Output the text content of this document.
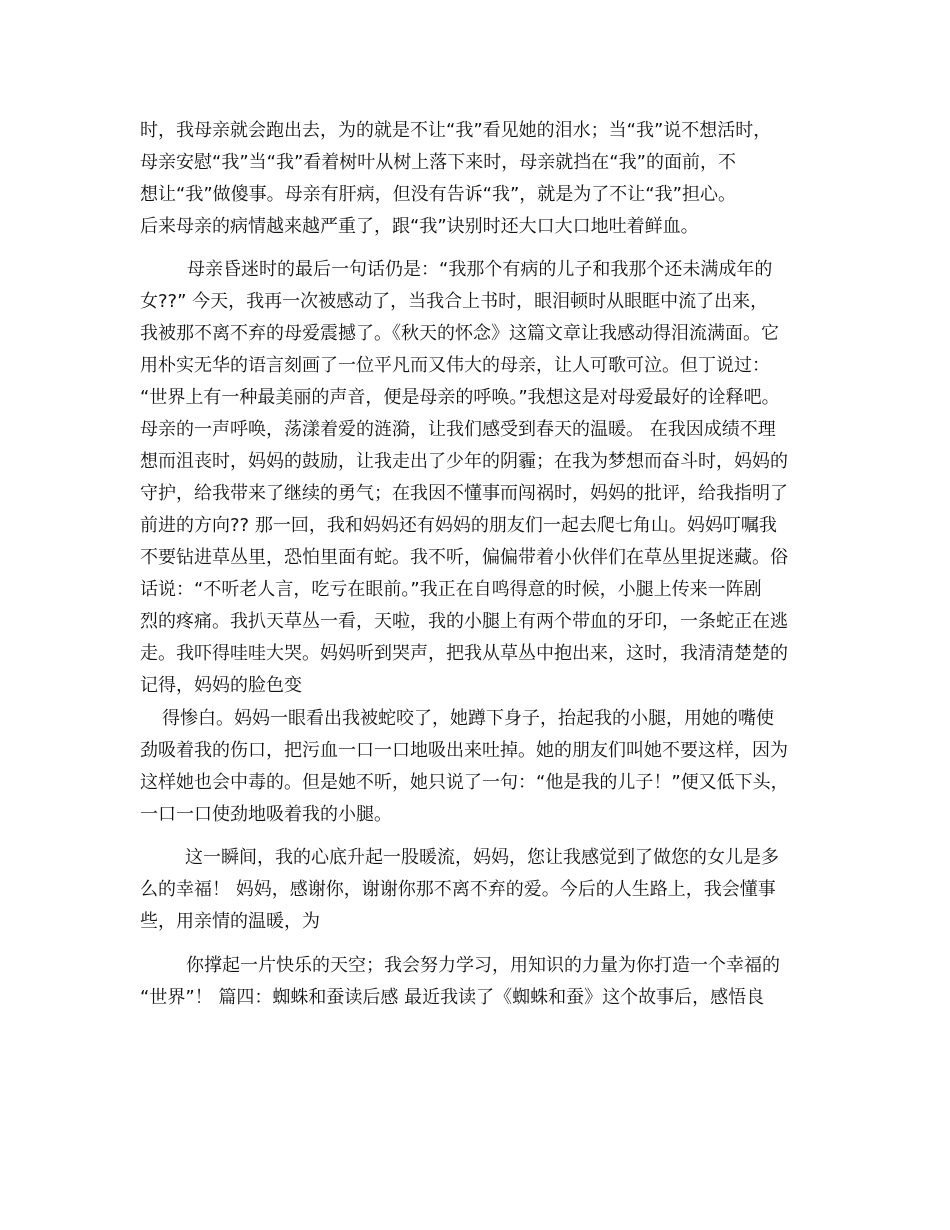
时，我母亲就会跑出去，为的就是不让“我”看见她的泪水；当“我”说不想活时，
母亲安慰“我”当“我”看着树叶从树上落下来时，母亲就挡在“我”的面前，不
想让“我”做傻事。母亲有肝病，但没有告诉“我”，就是为了不让“我”担心。
后来母亲的病情越来越严重了，跟“我”诀别时还大口大口地吐着鲜血。
母亲昏迷时的最后一句话仍是：“我那个有病的儿子和我那个还未满成年的
女??” 今天，我再一次被感动了，当我合上书时，眼泪顿时从眼眶中流了出来，
我被那不离不弃的母爱震撼了。《秋天的怀念》这篇文章让我感动得泪流满面。它
用朴实无华的语言刻画了一位平凡而又伟大的母亲，让人可歌可泣。但丁说过：
“世界上有一种最美丽的声音，便是母亲的呼唤。”我想这是对母爱最好的诠释吧。
母亲的一声呼唤，荡漾着爱的涟漪，让我们感受到春天的温暖。 在我因成绩不理
想而沮丧时，妈妈的鼓励，让我走出了少年的阴霾；在我为梦想而奋斗时，妈妈的
守护，给我带来了继续的勇气；在我因不懂事而闯祸时，妈妈的批评，给我指明了
前进的方向?? 那一回，我和妈妈还有妈妈的朋友们一起去爬七角山。妈妈叮嘱我
不要钻进草丛里，恐怕里面有蛇。我不听，偏偏带着小伙伴们在草丛里捉迷藏。俗
话说：“不听老人言，吃亏在眼前。”我正在自鸣得意的时候，小腿上传来一阵剧
烈的疼痛。我扒天草丛一看，天啦，我的小腿上有两个带血的牙印，一条蛇正在逃
走。我吓得哇哇大哭。妈妈听到哭声，把我从草丛中抱出来，这时，我清清楚楚的
记得，妈妈的脸色变
得惨白。妈妈一眼看出我被蛇咬了，她蹲下身子，抬起我的小腿，用她的嘴使
劲吸着我的伤口，把污血一口一口地吸出来吐掉。她的朋友们叫她不要这样，因为
这样她也会中毒的。但是她不听，她只说了一句：“他是我的儿子！”便又低下头，
一口一口使劲地吸着我的小腿。
这一瞬间，我的心底升起一股暖流，妈妈，您让我感觉到了做您的女儿是多
么的幸福！ 妈妈，感谢你，谢谢你那不离不弃的爱。今后的人生路上，我会懂事
些，用亲情的温暖，为
你撑起一片快乐的天空；我会努力学习，用知识的力量为你打造一个幸福的
“世界”！ 篇四：蜘蛛和蚕读后感 最近我读了《蜘蛛和蚕》这个故事后，感悟良
